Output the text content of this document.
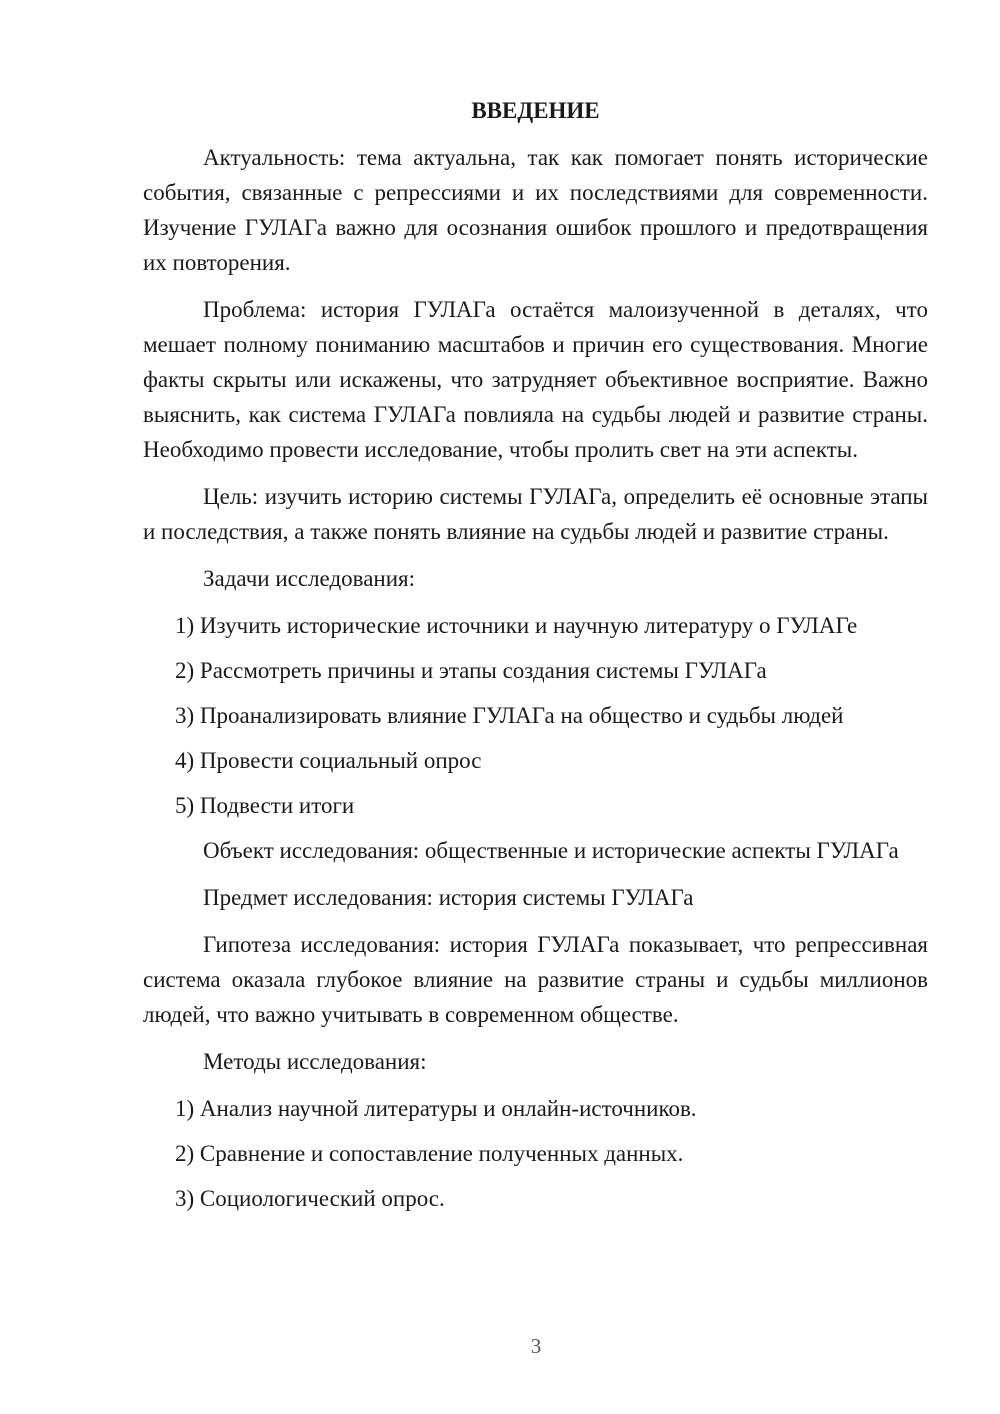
ВВЕДЕНИЕ
Актуальность: тема актуальна, так как помогает понять исторические события, связанные с репрессиями и их последствиями для современности. Изучение ГУЛАГа важно для осознания ошибок прошлого и предотвращения их повторения.
Проблема: история ГУЛАГа остаётся малоизученной в деталях, что мешает полному пониманию масштабов и причин его существования. Многие факты скрыты или искажены, что затрудняет объективное восприятие. Важно выяснить, как система ГУЛАГа повлияла на судьбы людей и развитие страны. Необходимо провести исследование, чтобы пролить свет на эти аспекты.
Цель: изучить историю системы ГУЛАГа, определить её основные этапы и последствия, а также понять влияние на судьбы людей и развитие страны.
Задачи исследования:
1) Изучить исторические источники и научную литературу о ГУЛАГе
2) Рассмотреть причины и этапы создания системы ГУЛАГа
3) Проанализировать влияние ГУЛАГа на общество и судьбы людей
4) Провести социальный опрос
5) Подвести итоги
Объект исследования: общественные и исторические аспекты ГУЛАГа
Предмет исследования: история системы ГУЛАГа
Гипотеза исследования: история ГУЛАГа показывает, что репрессивная система оказала глубокое влияние на развитие страны и судьбы миллионов людей, что важно учитывать в современном обществе.
Методы исследования:
1) Анализ научной литературы и онлайн-источников.
2) Сравнение и сопоставление полученных данных.
3) Социологический опрос.
3
